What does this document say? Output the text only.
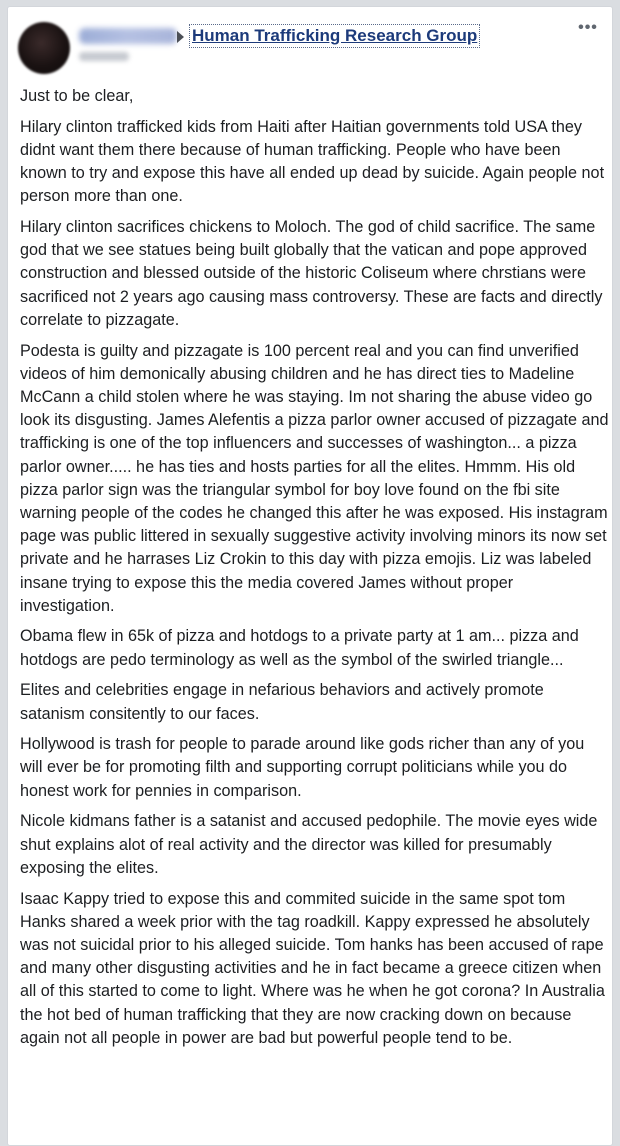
Human Trafficking Research Group	•••

Just to be clear,

Hilary clinton trafficked kids from Haiti after Haitian governments told USA they didnt want them there because of human trafficking. People who have been known to try and expose this have all ended up dead by suicide. Again people not person more than one.

Hilary clinton sacrifices chickens to Moloch. The god of child sacrifice. The same god that we see statues being built globally that the vatican and pope approved construction and blessed outside of the historic Coliseum where chrstians were sacrificed not 2 years ago causing mass controversy. These are facts and directly correlate to pizzagate.

Podesta is guilty and pizzagate is 100 percent real and you can find unverified videos of him demonically abusing children and he has direct ties to Madeline McCann a child stolen where he was staying. Im not sharing the abuse video go look its disgusting. James Alefentis a pizza parlor owner accused of pizzagate and trafficking is one of the top influencers and successes of washington... a pizza parlor owner..... he has ties and hosts parties for all the elites. Hmmm. His old pizza parlor sign was the triangular symbol for boy love found on the fbi site warning people of the codes he changed this after he was exposed. His instagram page was public littered in sexually suggestive activity involving minors its now set private and he harrases Liz Crokin to this day with pizza emojis. Liz was labeled insane trying to expose this the media covered James without proper investigation.

Obama flew in 65k of pizza and hotdogs to a private party at 1 am... pizza and hotdogs are pedo terminology as well as the symbol of the swirled triangle...

Elites and celebrities engage in nefarious behaviors and actively promote satanism consitently to our faces.

Hollywood is trash for people to parade around like gods richer than any of you will ever be for promoting filth and supporting corrupt politicians while you do honest work for pennies in comparison.

Nicole kidmans father is a satanist and accused pedophile. The movie eyes wide shut explains alot of real activity and the director was killed for presumably exposing the elites.

Isaac Kappy tried to expose this and commited suicide in the same spot tom Hanks shared a week prior with the tag roadkill. Kappy expressed he absolutely was not suicidal prior to his alleged suicide. Tom hanks has been accused of rape and many other disgusting activities and he in fact became a greece citizen when all of this started to come to light. Where was he when he got corona? In Australia the hot bed of human trafficking that they are now cracking down on because again not all people in power are bad but powerful people tend to be.
